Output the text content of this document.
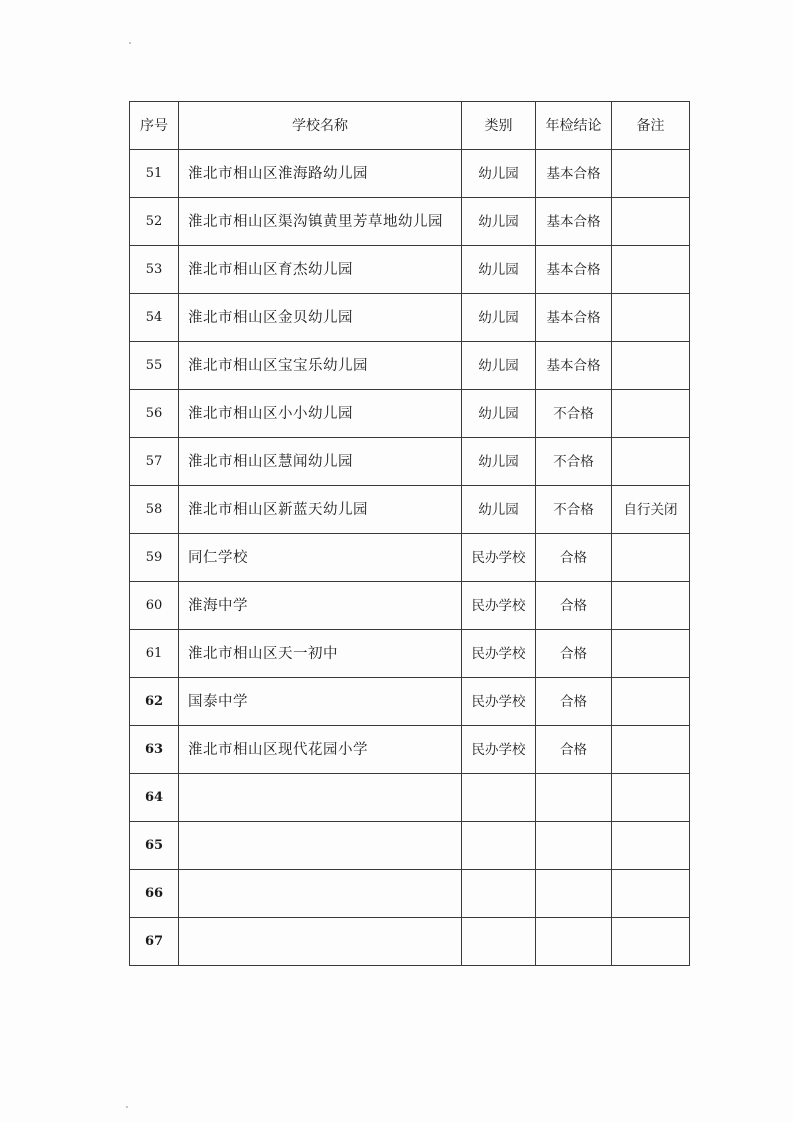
序号	学校名称	类别	年检结论	备注
51	淮北市相山区淮海路幼儿园	幼儿园	基本合格	
52	淮北市相山区渠沟镇黄里芳草地幼儿园	幼儿园	基本合格	
53	淮北市相山区育杰幼儿园	幼儿园	基本合格	
54	淮北市相山区金贝幼儿园	幼儿园	基本合格	
55	淮北市相山区宝宝乐幼儿园	幼儿园	基本合格	
56	淮北市相山区小小幼儿园	幼儿园	不合格	
57	淮北市相山区慧闻幼儿园	幼儿园	不合格	
58	淮北市相山区新蓝天幼儿园	幼儿园	不合格	自行关闭
59	同仁学校	民办学校	合格	
60	淮海中学	民办学校	合格	
61	淮北市相山区天一初中	民办学校	合格	
62	国泰中学	民办学校	合格	
63	淮北市相山区现代花园小学	民办学校	合格	
64				
65				
66				
67				
